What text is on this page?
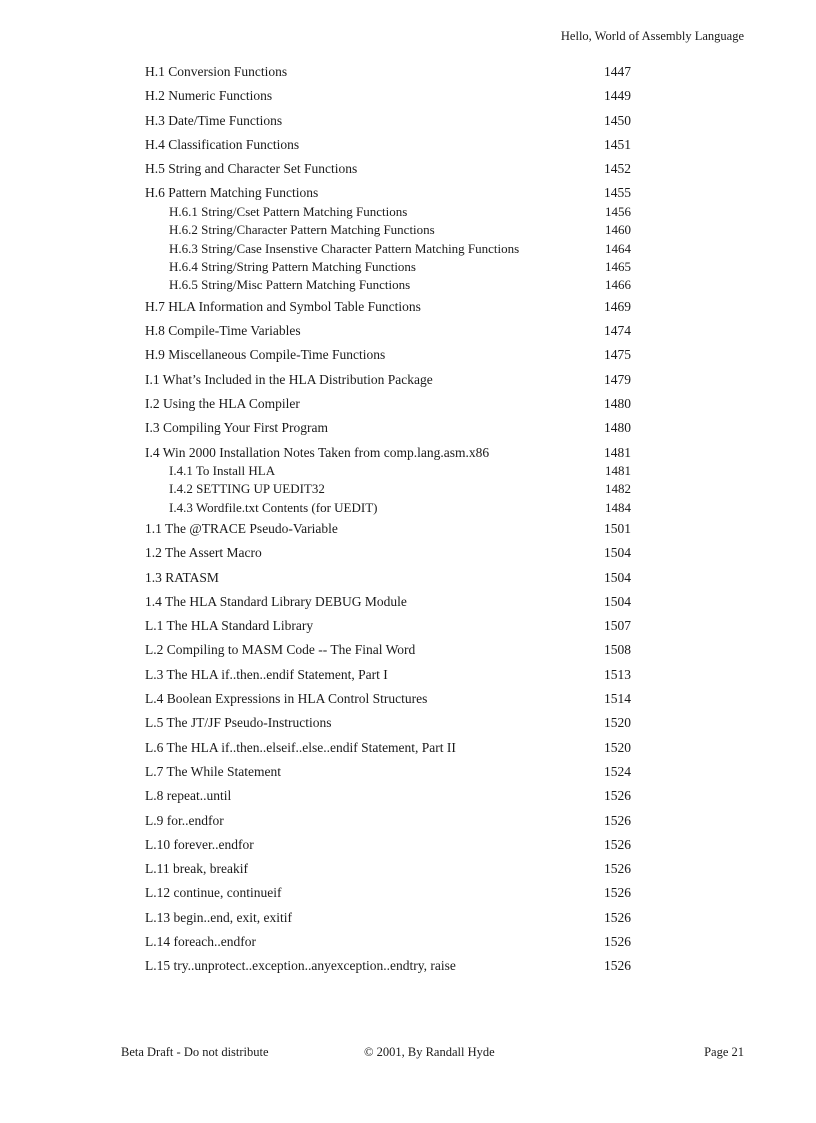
Hello, World of Assembly Language
H.1 Conversion Functions	1447
H.2 Numeric Functions	1449
H.3 Date/Time Functions	1450
H.4 Classification Functions	1451
H.5 String and Character Set Functions	1452
H.6 Pattern Matching Functions	1455
H.6.1 String/Cset Pattern Matching Functions	1456
H.6.2 String/Character Pattern Matching Functions	1460
H.6.3 String/Case Insenstive Character Pattern Matching Functions	1464
H.6.4 String/String Pattern Matching Functions	1465
H.6.5 String/Misc Pattern Matching Functions	1466
H.7 HLA Information and Symbol Table Functions	1469
H.8 Compile-Time Variables	1474
H.9 Miscellaneous Compile-Time Functions	1475
I.1 What’s Included in the HLA Distribution Package	1479
I.2 Using the HLA Compiler	1480
I.3 Compiling Your First Program	1480
I.4 Win 2000 Installation Notes Taken from comp.lang.asm.x86	1481
I.4.1 To Install HLA	1481
I.4.2 SETTING UP UEDIT32	1482
I.4.3 Wordfile.txt Contents (for UEDIT)	1484
1.1 The @TRACE Pseudo-Variable	1501
1.2 The Assert Macro	1504
1.3 RATASM	1504
1.4 The HLA Standard Library DEBUG Module	1504
L.1 The HLA Standard Library	1507
L.2 Compiling to MASM Code -- The Final Word	1508
L.3 The HLA if..then..endif Statement, Part I	1513
L.4 Boolean Expressions in HLA Control Structures	1514
L.5 The JT/JF Pseudo-Instructions	1520
L.6 The HLA if..then..elseif..else..endif Statement, Part II	1520
L.7 The While Statement	1524
L.8 repeat..until	1526
L.9 for..endfor	1526
L.10 forever..endfor	1526
L.11 break, breakif	1526
L.12 continue, continueif	1526
L.13 begin..end, exit, exitif	1526
L.14 foreach..endfor	1526
L.15 try..unprotect..exception..anyexception..endtry, raise	1526
Beta Draft - Do not distribute	© 2001, By Randall Hyde	Page 21
